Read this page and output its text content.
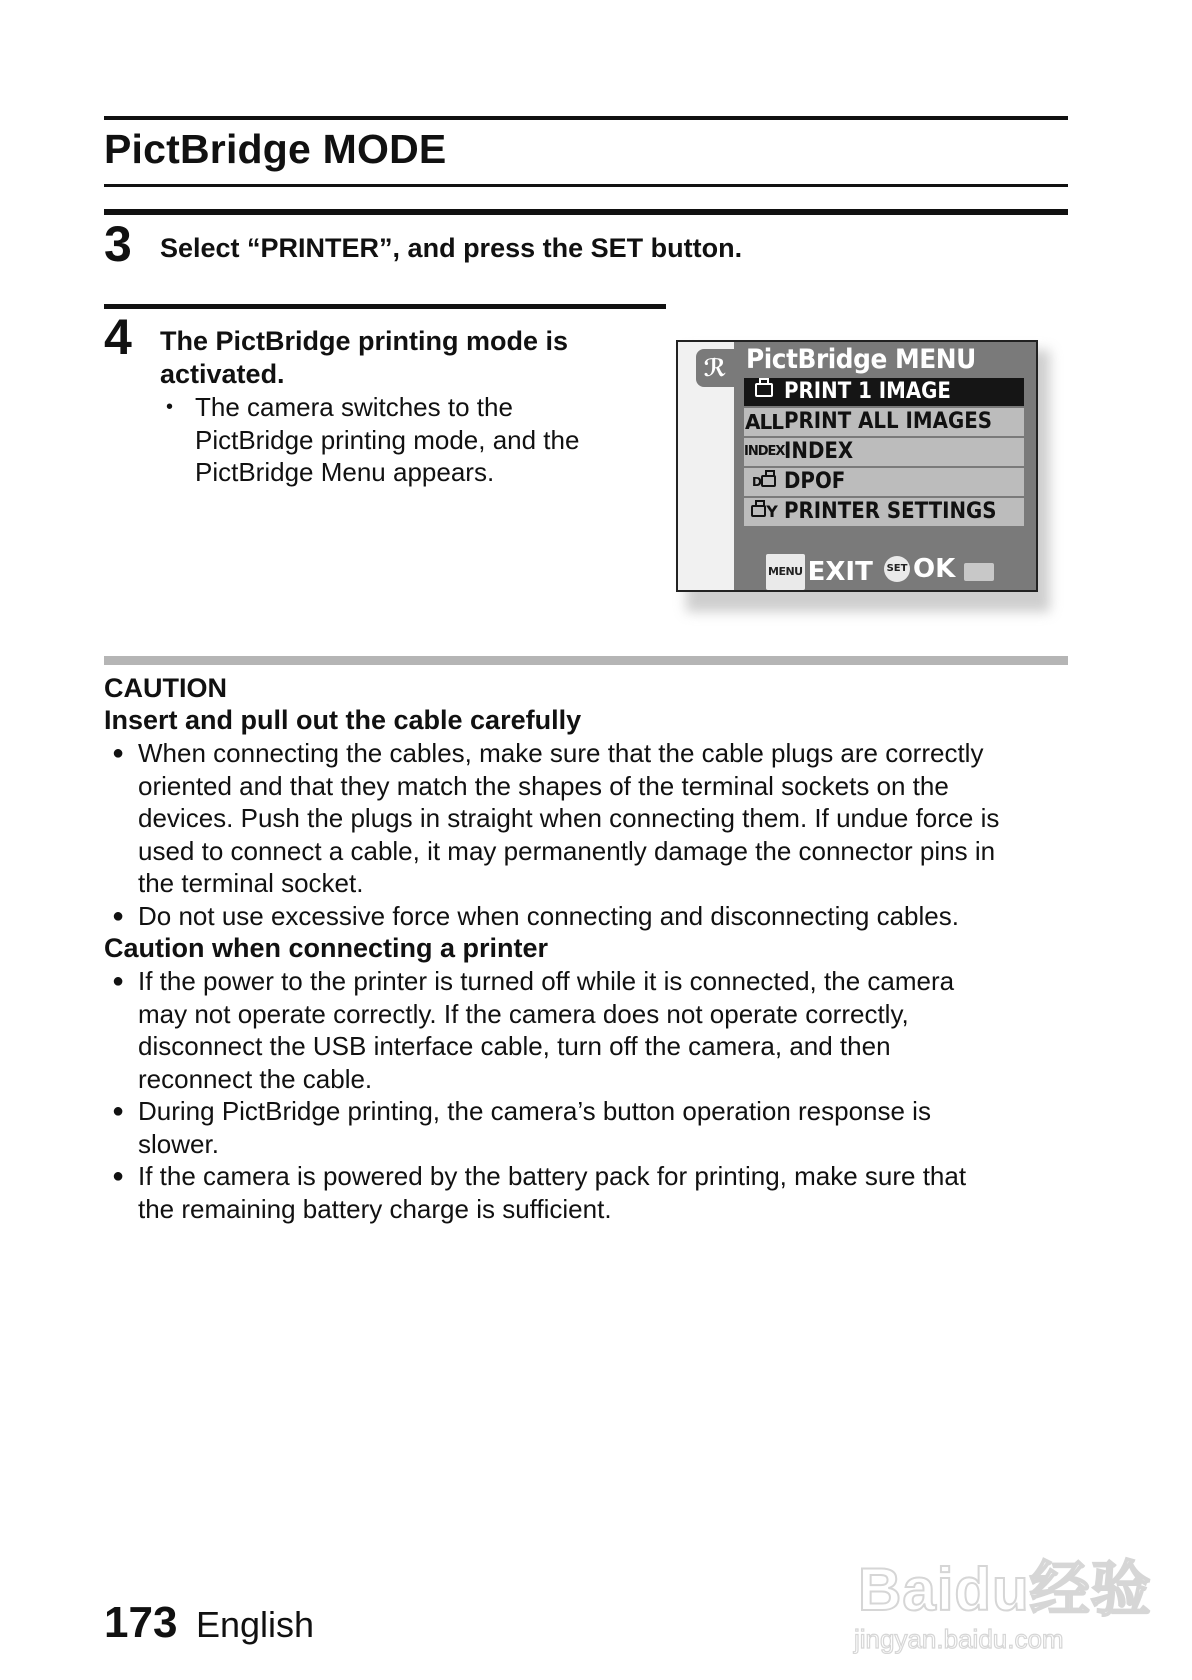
PictBridge MODE
3 Select “PRINTER”, and press the SET button.
4 The PictBridge printing mode is
activated.
• The camera switches to the
PictBridge printing mode, and the
PictBridge Menu appears.
ℛ PictBridge MENU
PRINT 1 IMAGE
ALL PRINT ALL IMAGES
INDEX INDEX
$^D$	DPOF
Y PRINTER SETTINGS
MENU EXIT SET OK
CAUTION
Insert and pull out the cable carefully
● When connecting the cables, make sure that the cable plugs are correctly
oriented and that they match the shapes of the terminal sockets on the
devices. Push the plugs in straight when connecting them. If undue force is
used to connect a cable, it may permanently damage the connector pins in
the terminal socket.
● Do not use excessive force when connecting and disconnecting cables.
Caution when connecting a printer
● If the power to the printer is turned off while it is connected, the camera
may not operate correctly. If the camera does not operate correctly,
disconnect the USB interface cable, turn off the camera, and then
reconnect the cable.
● During PictBridge printing, the camera’s button operation response is
slower.
● If the camera is powered by the battery pack for printing, make sure that
the remaining battery charge is sufficient.
173 English
Baidu经验
jingyan.baidu.com
